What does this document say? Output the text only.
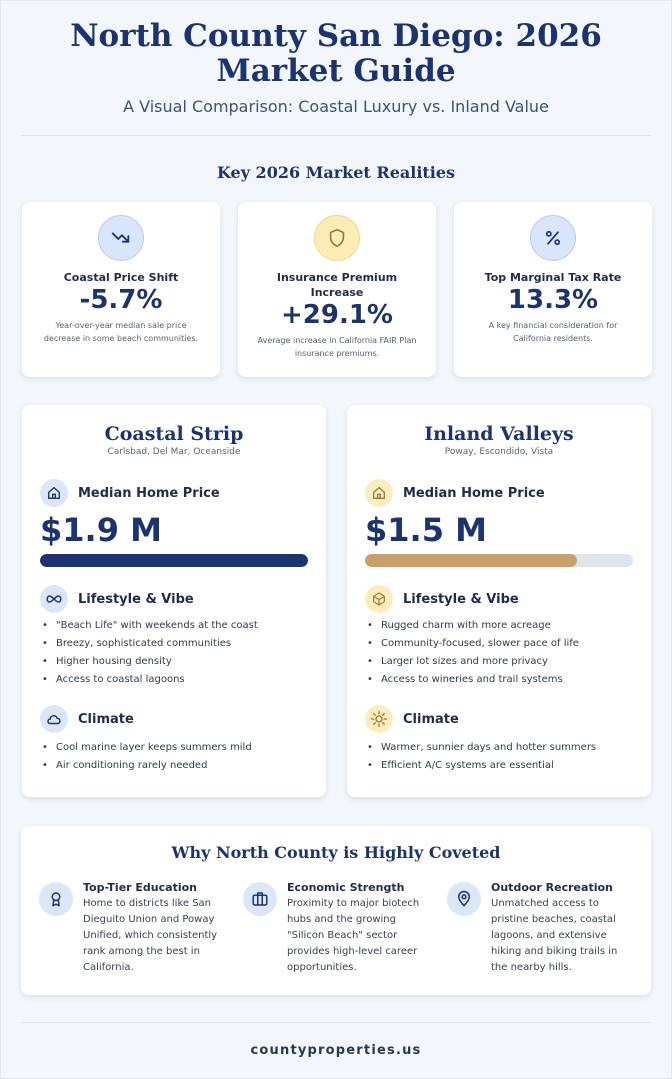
North County San Diego: 2026
Market Guide
A Visual Comparison: Coastal Luxury vs. Inland Value
Key 2026 Market Realities
Coastal Price Shift
-5.7%
Year-over-year median sale price decrease in some beach communities.
Insurance Premium Increase
+29.1%
Average increase in California FAIR Plan insurance premiums.
Top Marginal Tax Rate
13.3%
A key financial consideration for California residents.
Coastal Strip
Carlsbad, Del Mar, Oceanside
Median Home Price
$1.9 M
Lifestyle & Vibe
• "Beach Life" with weekends at the coast
• Breezy, sophisticated communities
• Higher housing density
• Access to coastal lagoons
Climate
• Cool marine layer keeps summers mild
• Air conditioning rarely needed
Inland Valleys
Poway, Escondido, Vista
Median Home Price
$1.5 M
Lifestyle & Vibe
• Rugged charm with more acreage
• Community-focused, slower pace of life
• Larger lot sizes and more privacy
• Access to wineries and trail systems
Climate
• Warmer, sunnier days and hotter summers
• Efficient A/C systems are essential
Why North County is Highly Coveted
Top-Tier Education
Home to districts like San Dieguito Union and Poway Unified, which consistently rank among the best in California.
Economic Strength
Proximity to major biotech hubs and the growing "Silicon Beach" sector provides high-level career opportunities.
Outdoor Recreation
Unmatched access to pristine beaches, coastal lagoons, and extensive hiking and biking trails in the nearby hills.
countyproperties.us
